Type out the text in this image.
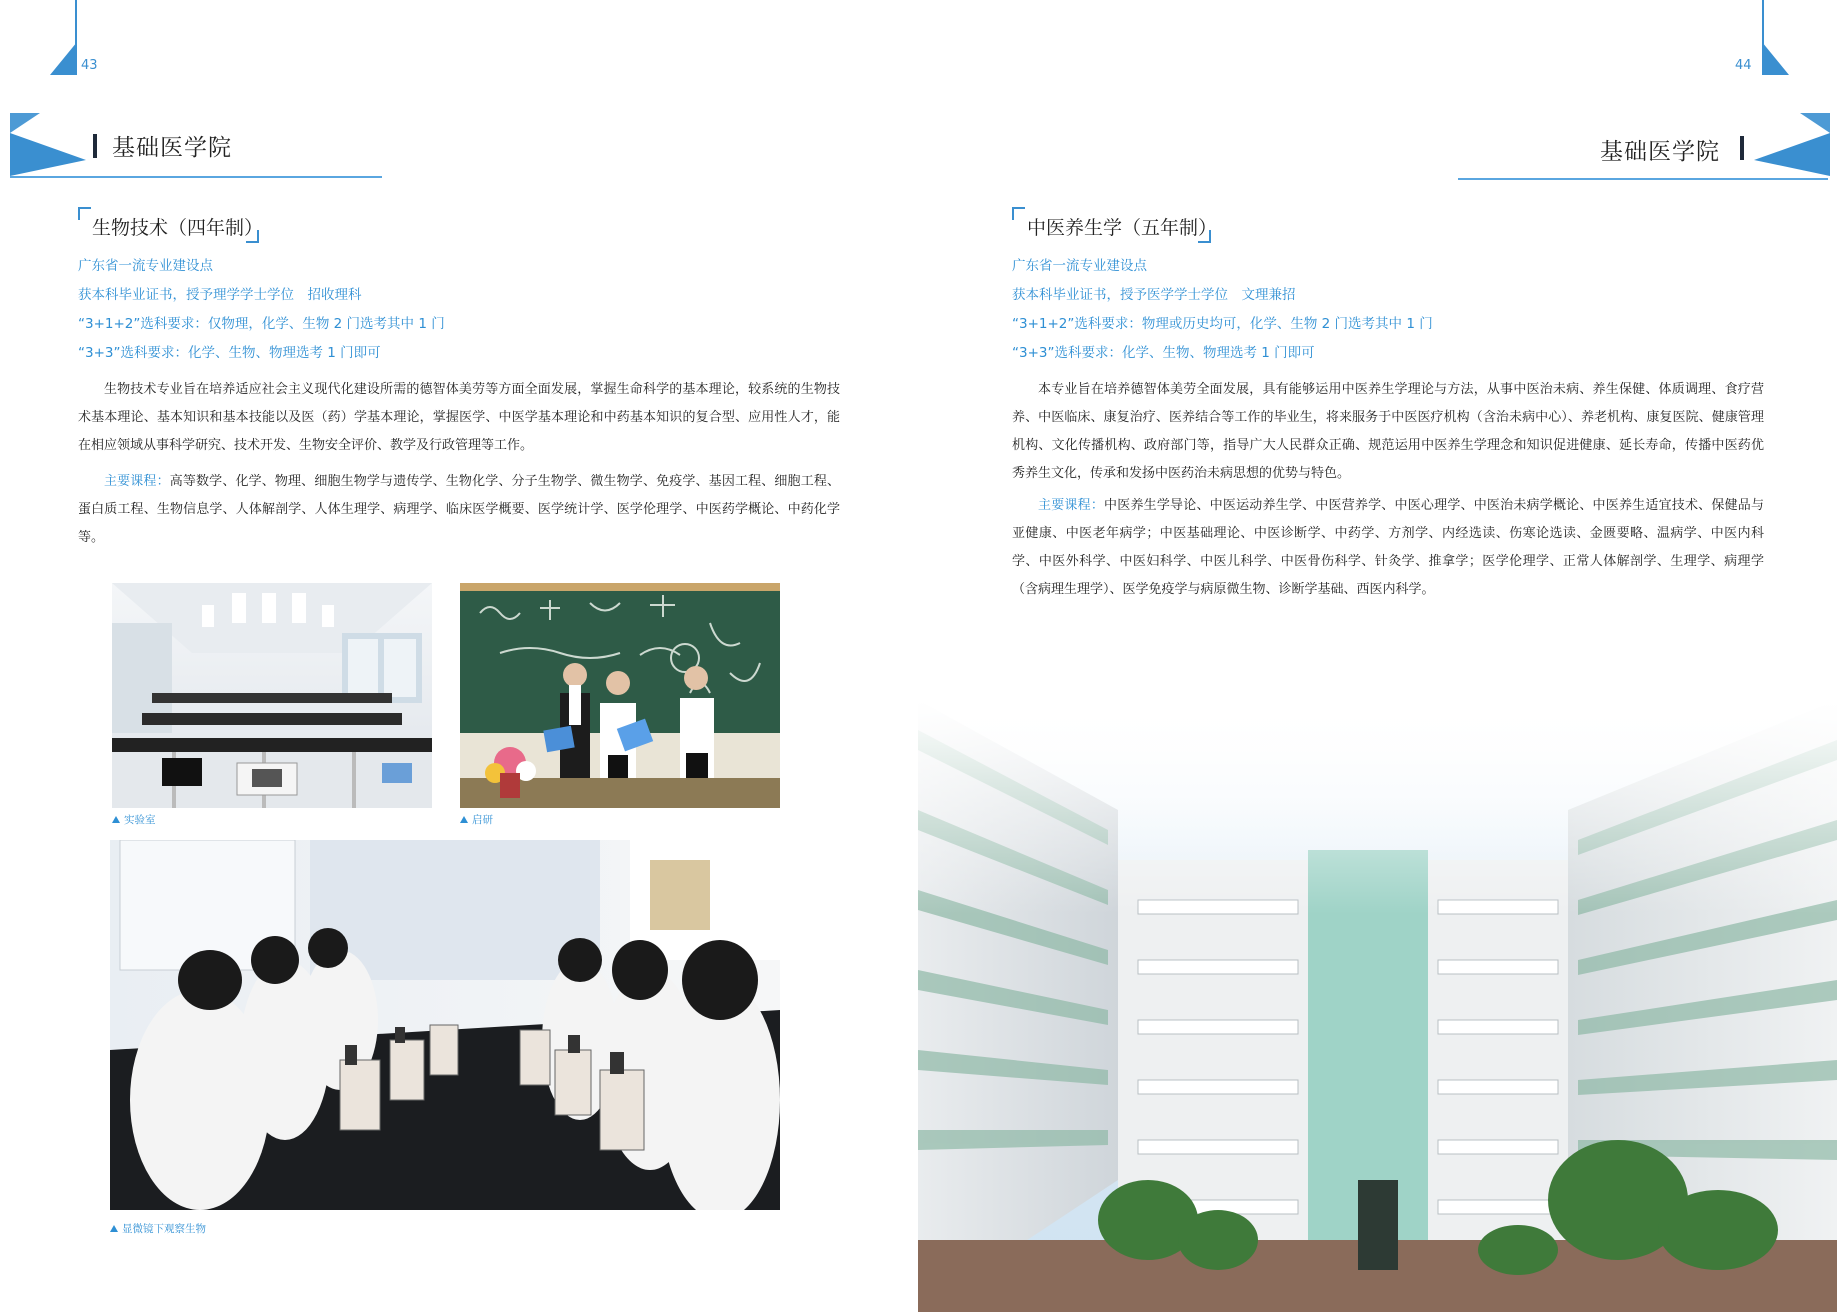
43
基础医学院
生物技术（四年制）
广东省一流专业建设点
获本科毕业证书，授予理学学士学位　招收理科
“3+1+2”选科要求：仅物理，化学、生物 2 门选考其中 1 门
“3+3”选科要求：化学、生物、物理选考 1 门即可
生物技术专业旨在培养适应社会主义现代化建设所需的德智体美劳等方面全面发展，掌握生命科学的基本理论，较系统的生物技术基本理论、基本知识和基本技能以及医（药）学基本理论，掌握医学、中医学基本理论和中药基本知识的复合型、应用性人才，能在相应领域从事科学研究、技术开发、生物安全评价、教学及行政管理等工作。
主要课程：高等数学、化学、物理、细胞生物学与遗传学、生物化学、分子生物学、微生物学、免疫学、基因工程、细胞工程、蛋白质工程、生物信息学、人体解剖学、人体生理学、病理学、临床医学概要、医学统计学、医学伦理学、中医药学概论、中药化学等。
实验室	启研
显微镜下观察生物
44
基础医学院
中医养生学（五年制）
广东省一流专业建设点
获本科毕业证书，授予医学学士学位　文理兼招
“3+1+2”选科要求：物理或历史均可，化学、生物 2 门选考其中 1 门
“3+3”选科要求：化学、生物、物理选考 1 门即可
本专业旨在培养德智体美劳全面发展，具有能够运用中医养生学理论与方法，从事中医治未病、养生保健、体质调理、食疗营养、中医临床、康复治疗、医养结合等工作的毕业生，将来服务于中医医疗机构（含治未病中心）、养老机构、康复医院、健康管理机构、文化传播机构、政府部门等，指导广大人民群众正确、规范运用中医养生学理念和知识促进健康、延长寿命，传播中医药优秀养生文化，传承和发扬中医药治未病思想的优势与特色。
主要课程：中医养生学导论、中医运动养生学、中医营养学、中医心理学、中医治未病学概论、中医养生适宜技术、保健品与亚健康、中医老年病学；中医基础理论、中医诊断学、中药学、方剂学、内经选读、伤寒论选读、金匮要略、温病学、中医内科学、中医外科学、中医妇科学、中医儿科学、中医骨伤科学、针灸学、推拿学；医学伦理学、正常人体解剖学、生理学、病理学（含病理生理学）、医学免疫学与病原微生物、诊断学基础、西医内科学。
